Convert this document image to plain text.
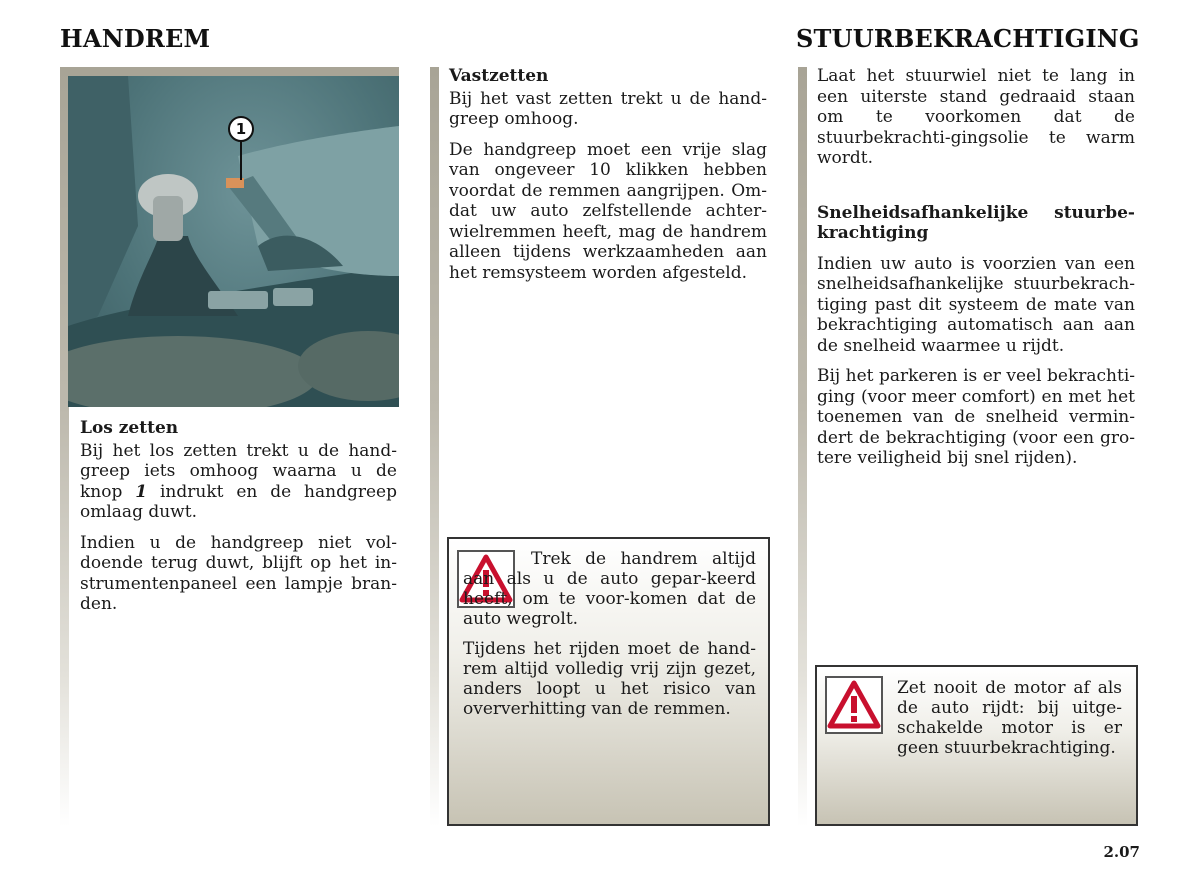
HANDREM
1
Los zetten

Bij het los zetten trekt u de hand-greep iets omhoog waarna u de knop 1 indrukt en de handgreep omlaag duwt.

Indien u de handgreep niet vol-doende terug duwt, blijft op het in-strumentenpaneel een lampje bran-den.

Vastzetten

Bij het vast zetten trekt u de hand-greep omhoog.

De handgreep moet een vrije slag van ongeveer 10 klikken hebben voordat de remmen aangrijpen. Om-dat uw auto zelfstellende achter-wielremmen heeft, mag de handrem alleen tijdens werkzaamheden aan het remsysteem worden afgesteld.

Trek de handrem altijd aan als u de auto gepar-keerd heeft, om te voor-komen dat de auto wegrolt.

Tijdens het rijden moet de hand-rem altijd volledig vrij zijn gezet, anders loopt u het risico van oververhitting van de remmen.

STUURBEKRACHTIGING

Laat het stuurwiel niet te lang in een uiterste stand gedraaid staan om te voorkomen dat de stuurbekrachti-gingsolie te warm wordt.

Snelheidsafhankelijke stuurbe-krachtiging

Indien uw auto is voorzien van een snelheidsafhankelijke stuurbekrach-tiging past dit systeem de mate van bekrachtiging automatisch aan aan de snelheid waarmee u rijdt.

Bij het parkeren is er veel bekrachti-ging (voor meer comfort) en met het toenemen van de snelheid vermin-dert de bekrachtiging (voor een gro-tere veiligheid bij snel rijden).

Zet nooit de motor af als de auto rijdt: bij uitge-schakelde motor is er geen stuurbekrachtiging.

2.07
